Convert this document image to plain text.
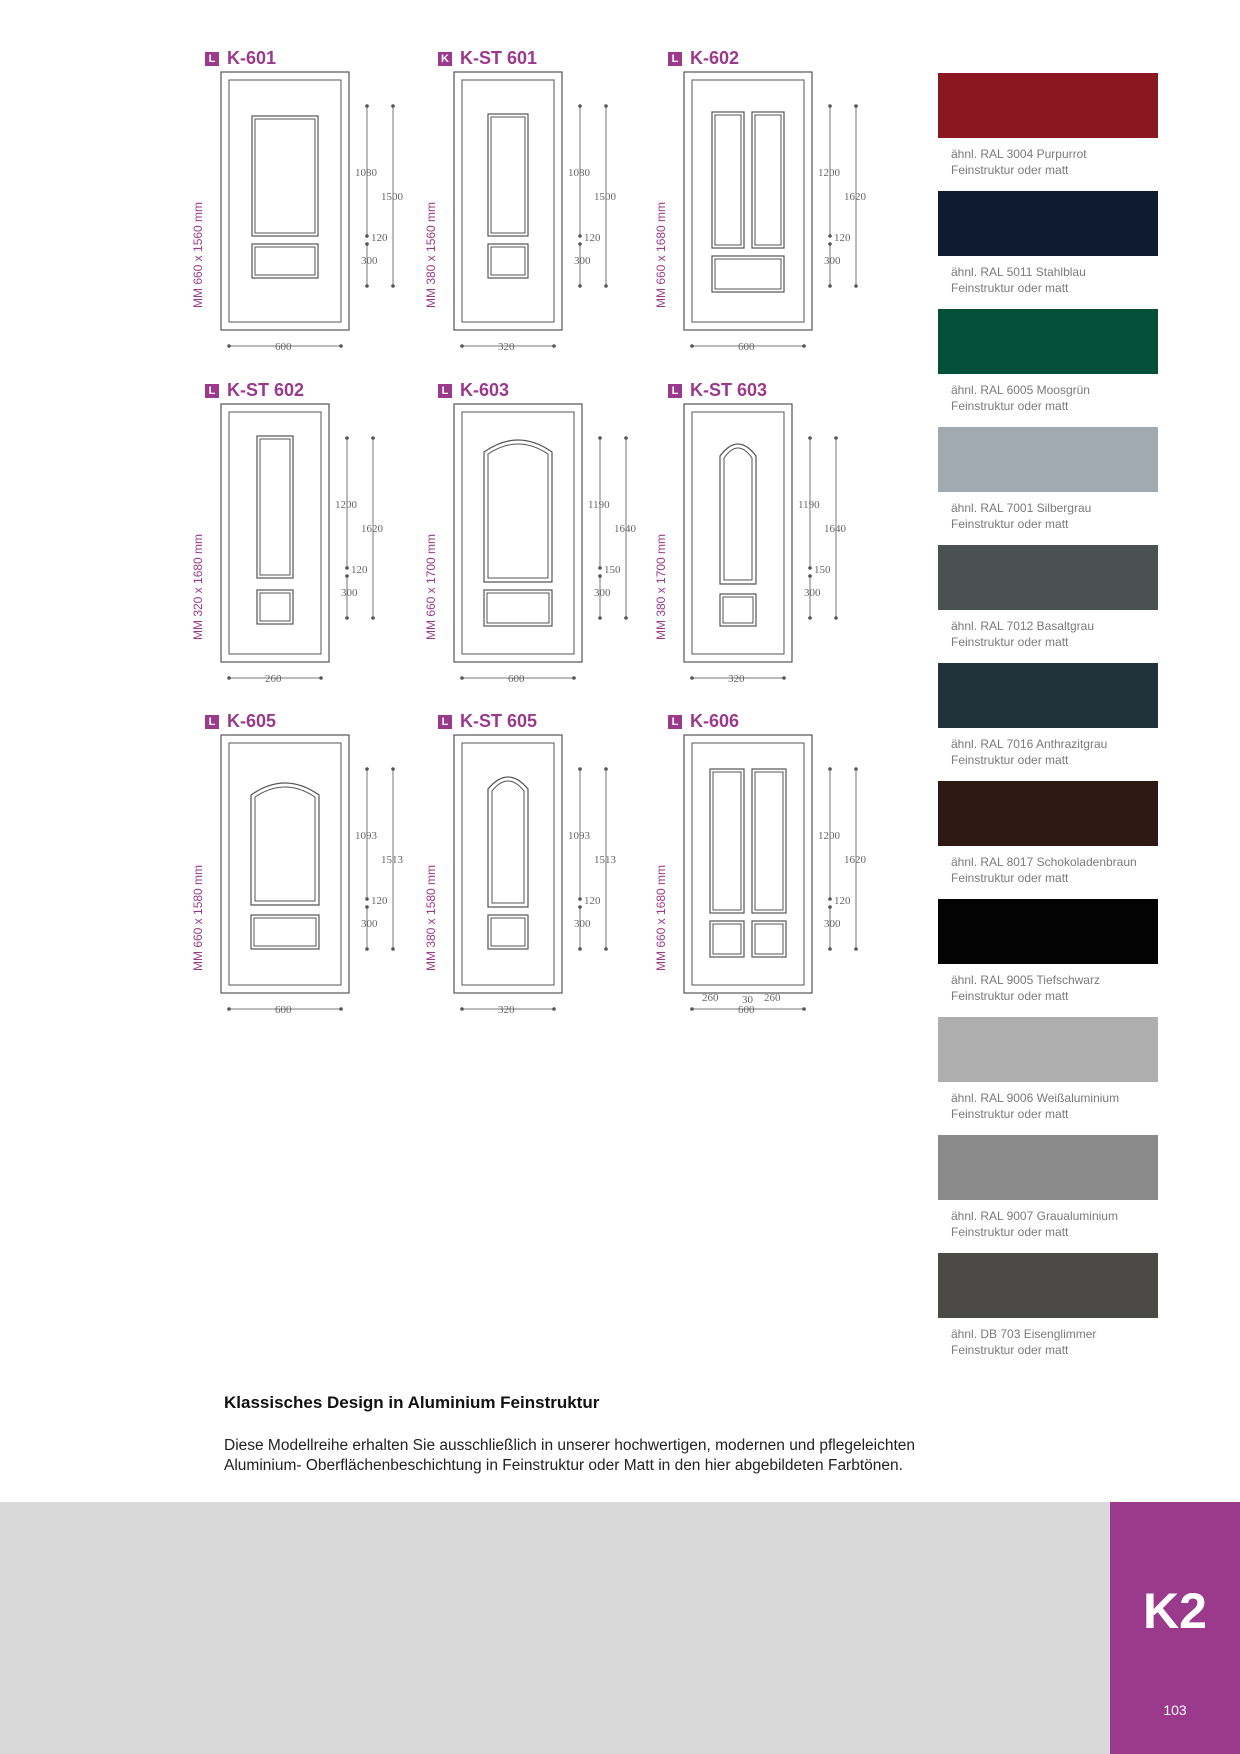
L K-601
MM 660 x 1560 mm
1080
1500
120
300
600
K K-ST 601
MM 380 x 1560 mm
1080
1500
120
300
320
L K-602
MM 660 x 1680 mm
1200
1620
120
300
600
L K-ST 602
MM 320 x 1680 mm
1200
1620
120
300
260
L K-603
MM 660 x 1700 mm
1190
1640
150
300
600
L K-ST 603
MM 380 x 1700 mm
1190
1640
150
300
320
L K-605
MM 660 x 1580 mm
1093
1513
120
300
600
L K-ST 605
MM 380 x 1580 mm
1093
1513
120
300
320
L K-606
MM 660 x 1680 mm
1200
1620
120
300
600
260 30 260
ähnl. RAL 3004 Purpurrot
Feinstruktur oder matt
ähnl. RAL 5011 Stahlblau
Feinstruktur oder matt
ähnl. RAL 6005 Moosgrün
Feinstruktur oder matt
ähnl. RAL 7001 Silbergrau
Feinstruktur oder matt
ähnl. RAL 7012 Basaltgrau
Feinstruktur oder matt
ähnl. RAL 7016 Anthrazitgrau
Feinstruktur oder matt
ähnl. RAL 8017 Schokoladenbraun
Feinstruktur oder matt
ähnl. RAL 9005 Tiefschwarz
Feinstruktur oder matt
ähnl. RAL 9006 Weißaluminium
Feinstruktur oder matt
ähnl. RAL 9007 Graualuminium
Feinstruktur oder matt
ähnl. DB 703 Eisenglimmer
Feinstruktur oder matt
Klassisches Design in Aluminium Feinstruktur
Diese Modellreihe erhalten Sie ausschließlich in unserer hochwertigen, modernen und pflegeleichten
Aluminium- Oberflächenbeschichtung in Feinstruktur oder Matt in den hier abgebildeten Farbtönen.
K2
103
